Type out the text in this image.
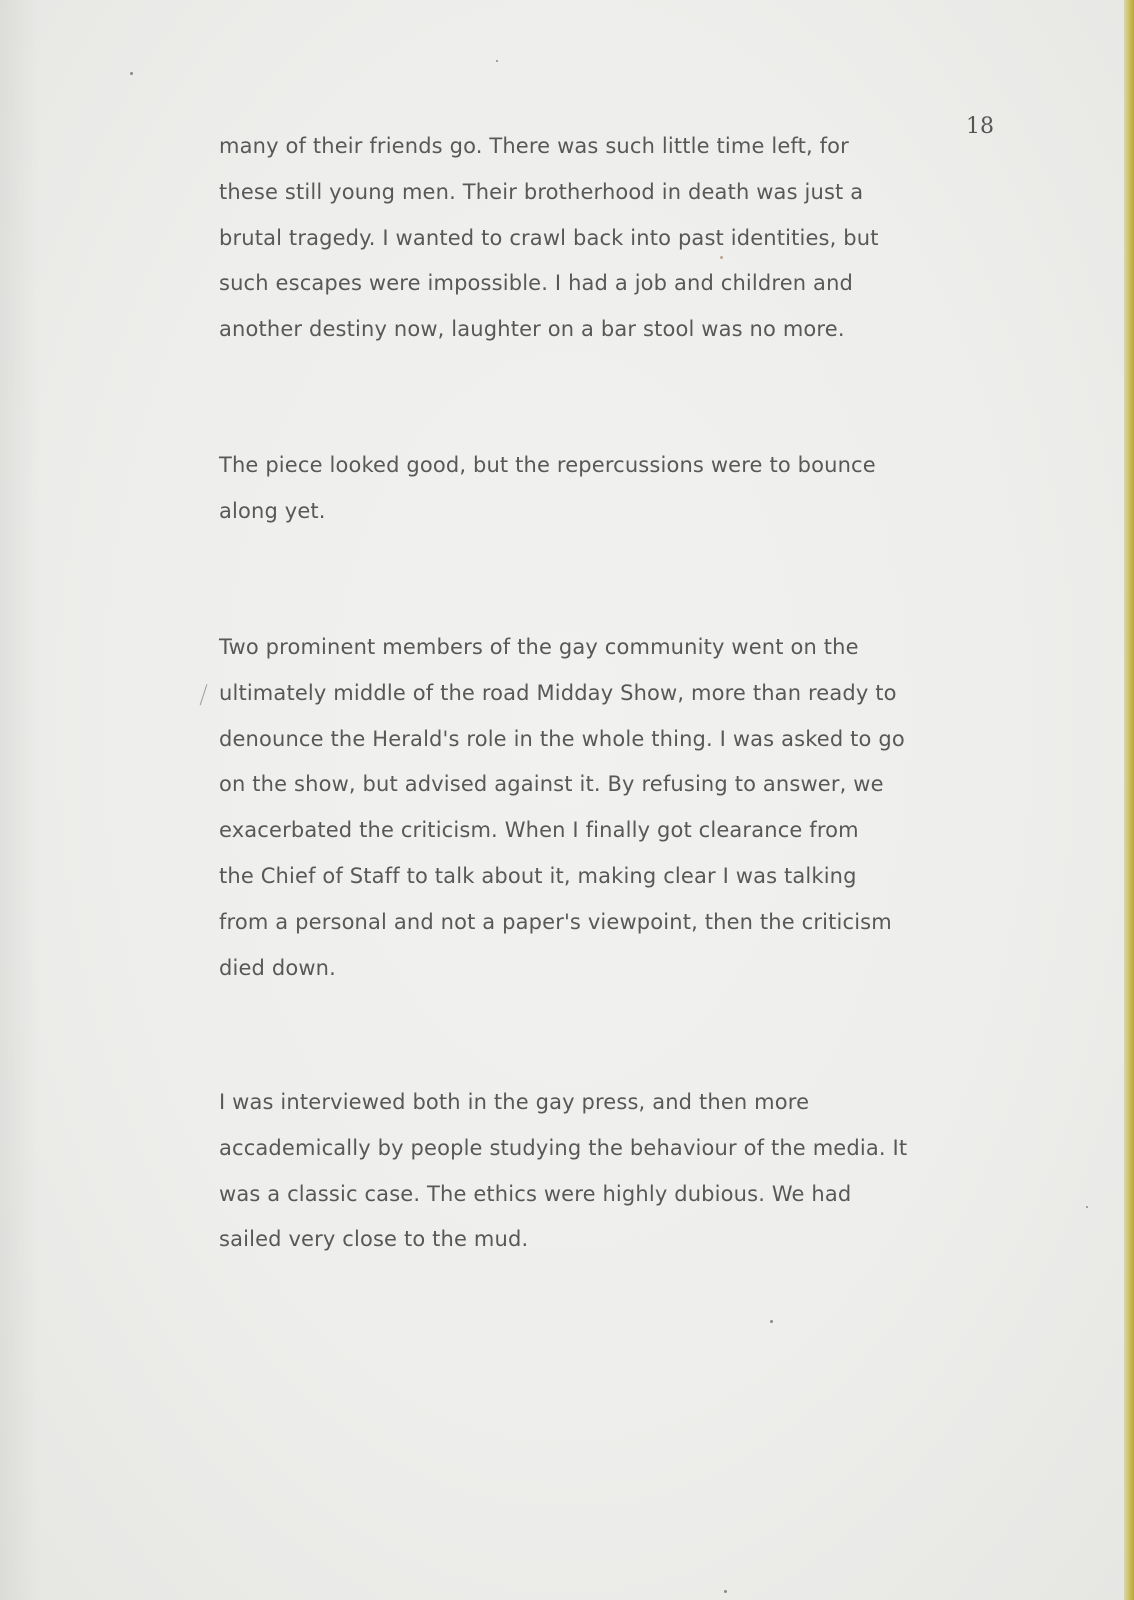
18

many of their friends go. There was such little time left, for

these still young men. Their brotherhood in death was just a

brutal tragedy. I wanted to crawl back into past identities, but

such escapes were impossible. I had a job and children and

another destiny now, laughter on a bar stool was no more.

The piece looked good, but the repercussions were to bounce

along yet.

Two prominent members of the gay community went on the

ultimately middle of the road Midday Show, more than ready to

denounce the Herald's role in the whole thing. I was asked to go

on the show, but advised against it. By refusing to answer, we

exacerbated the criticism. When I finally got clearance from

the Chief of Staff to talk about it, making clear I was talking

from a personal and not a paper's viewpoint, then the criticism

died down.

I was interviewed both in the gay press, and then more

accademically by people studying the behaviour of the media. It

was a classic case. The ethics were highly dubious. We had

sailed very close to the mud.
